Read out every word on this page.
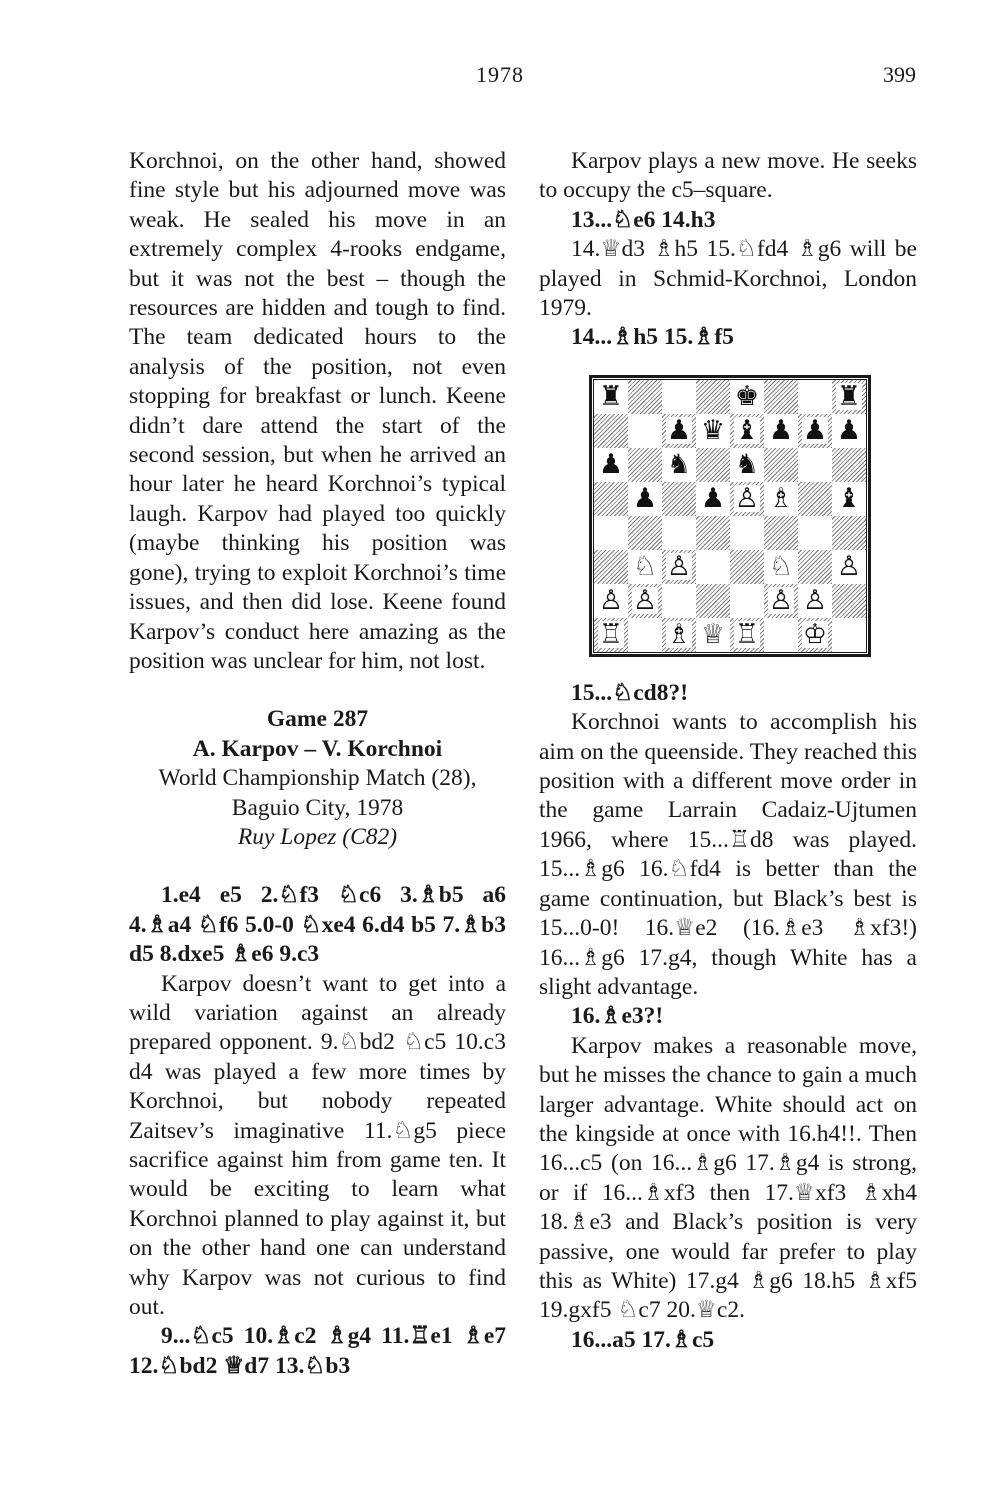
1978	399

Korchnoi, on the other hand, showed fine style but his adjourned move was weak. He sealed his move in an extremely complex 4-rooks endgame, but it was not the best – though the resources are hidden and tough to find. The team dedicated hours to the analysis of the position, not even stopping for breakfast or lunch. Keene didn’t dare attend the start of the second session, but when he arrived an hour later he heard Korchnoi’s typical laugh. Karpov had played too quickly (maybe thinking his position was gone), trying to exploit Korchnoi’s time issues, and then did lose. Keene found Karpov’s conduct here amazing as the position was unclear for him, not lost.

Game 287

A. Karpov – V. Korchnoi

World Championship Match (28),

Baguio City, 1978

Ruy Lopez (C82)

1.e4 e5 2.♘f3 ♘c6 3.♗b5 a6 4.♗a4 ♘f6 5.0-0 ♘xe4 6.d4 b5 7.♗b3 d5 8.dxe5 ♗e6 9.c3

Karpov doesn’t want to get into a wild variation against an already prepared opponent. 9.♘bd2 ♘c5 10.c3 d4 was played a few more times by Korchnoi, but nobody repeated Zaitsev’s imaginative 11.♘g5 piece sacrifice against him from game ten. It would be exciting to learn what Korchnoi planned to play against it, but on the other hand one can understand why Karpov was not curious to find out.

9...♘c5 10.♗c2 ♗g4 11.♖e1 ♗e7 12.♘bd2 ♕d7 13.♘b3

Karpov plays a new move. He seeks to occupy the c5–square.

13...♘e6 14.h3

14.♕d3 ♗h5 15.♘fd4 ♗g6 will be played in Schmid-Korchnoi, London 1979.

14...♗h5 15.♗f5

♜	♚	♜
♟ ♛ ♝ ♟ ♟ ♟
♟ ♞ ♞
♟ ♟ ♙ ♗ ♝
♘ ♙	♘ ♙
♙ ♙	♙ ♙
♖ ♗ ♕ ♖ ♔

15...♘cd8?!

Korchnoi wants to accomplish his aim on the queenside. They reached this position with a different move order in the game Larrain Cadaiz-Ujtumen 1966, where 15...♖d8 was played. 15...♗g6 16.♘fd4 is better than the game continuation, but Black’s best is 15...0-0! 16.♕e2 (16.♗e3 ♗xf3!) 16...♗g6 17.g4, though White has a slight advantage.

16.♗e3?!

Karpov makes a reasonable move, but he misses the chance to gain a much larger advantage. White should act on the kingside at once with 16.h4!!. Then 16...c5 (on 16...♗g6 17.♗g4 is strong, or if 16...♗xf3 then 17.♕xf3 ♗xh4 18.♗e3 and Black’s position is very passive, one would far prefer to play this as White) 17.g4 ♗g6 18.h5 ♗xf5 19.gxf5 ♘c7 20.♕c2.

16...a5 17.♗c5
